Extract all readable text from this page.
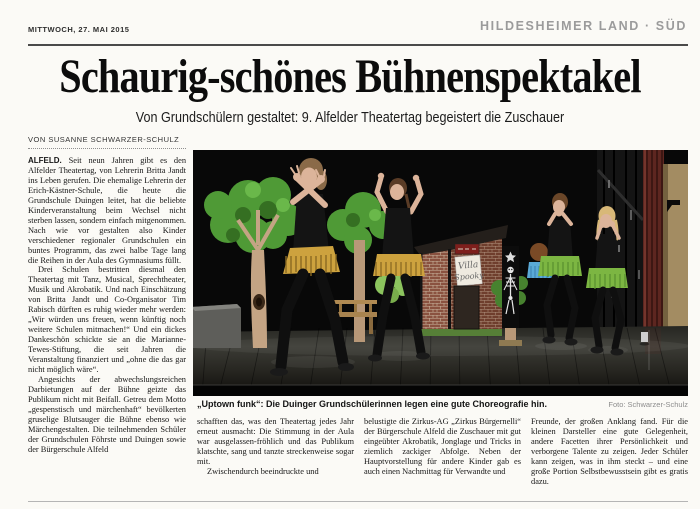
MITTWOCH, 27. MAI 2015	HILDESHEIMER LAND · SÜD
Schaurig-schönes Bühnenspektakel
Von Grundschülern gestaltet: 9. Alfelder Theatertag begeistert die Zuschauer
VON SUSANNE SCHWARZER-SCHULZ

ALFELD. Seit neun Jahren gibt es den Alfelder Theatertag, von Lehrerin Britta Jandt ins Leben gerufen. Die ehemalige Lehrerin der Erich-Kästner-Schule, die heute die Grundschule Duingen leitet, hat die beliebte Kinderveranstaltung beim Wechsel nicht sterben lassen, sondern einfach mitgenommen. Nach wie vor gestalten also Kinder verschiedener regionaler Grundschulen ein buntes Programm, das zwei halbe Tage lang die Reihen in der Aula des Gymnasiums füllt.

Drei Schulen bestritten diesmal den Theatertag mit Tanz, Musical, Sprechtheater, Musik und Akrobatik. Und nach Einschätzung von Britta Jandt und Co-Organisator Tim Rabisch dürften es ruhig wieder mehr werden: „Wir würden uns freuen, wenn künftig noch weitere Schulen mitmachen!“ Und ein dickes Dankeschön schickte sie an die Marianne-Tewes-Stiftung, die seit Jahren die Veranstaltung finanziert und „ohne die das gar nicht möglich wäre“.

Angesichts der abwechslungsreichen Darbietungen auf der Bühne geizte das Publikum nicht mit Beifall. Getreu dem Motto „gespenstisch und märchenhaft“ bevölkerten gruselige Blutsauger die Bühne ebenso wie Märchengestalten. Die teilnehmenden Schüler der Grundschulen Föhrste und Duingen sowie der Bürgerschule Alfeld

Villa
Spooky
„Uptown funk“: Die Duinger Grundschülerinnen legen eine gute Choreografie hin.	Foto: Schwarzer-Schulz

schafften das, was den Theatertag jedes Jahr erneut ausmacht: Die Stimmung in der Aula war ausgelassen-fröhlich und das Publikum klatschte, sang und tanzte streckenweise sogar mit.

Zwischendurch beeindruckte und

belustigte die Zirkus-AG „Zirkus Bürgernelli“ der Bürgerschule Alfeld die Zuschauer mit gut eingeübter Akrobatik, Jonglage und Tricks in ziemlich zackiger Abfolge. Neben der Hauptvorstellung für andere Kinder gab es auch einen Nachmittag für Verwandte und

Freunde, der großen Anklang fand. Für die kleinen Darsteller eine gute Gelegenheit, andere Facetten ihrer Persönlichkeit und verborgene Talente zu zeigen. Jeder Schüler kann zeigen, was in ihm steckt – und eine große Portion Selbstbewusstsein gibt es gratis dazu.
